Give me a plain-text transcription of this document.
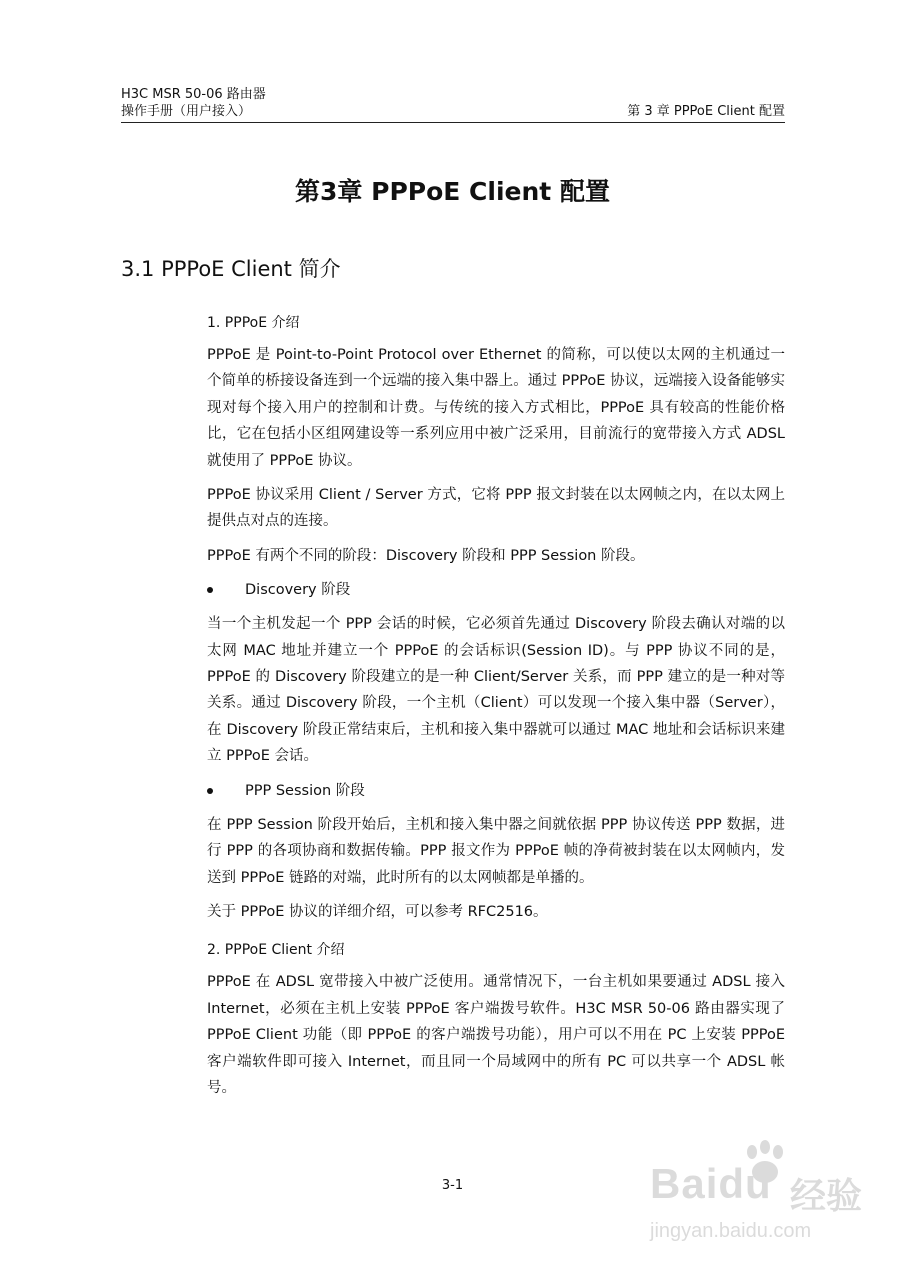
H3C MSR 50-06 路由器
操作手册（用户接入）	第 3 章 PPPoE Client 配置
第3章 PPPoE Client 配置
3.1 PPPoE Client 简介
1. PPPoE 介绍

PPPoE 是 Point-to-Point Protocol over Ethernet 的简称，可以使以太网的主机通过一个简单的桥接设备连到一个远端的接入集中器上。通过 PPPoE 协议，远端接入设备能够实现对每个接入用户的控制和计费。与传统的接入方式相比，PPPoE 具有较高的性能价格比，它在包括小区组网建设等一系列应用中被广泛采用，目前流行的宽带接入方式 ADSL 就使用了 PPPoE 协议。

PPPoE 协议采用 Client / Server 方式，它将 PPP 报文封装在以太网帧之内，在以太网上提供点对点的连接。

PPPoE 有两个不同的阶段：Discovery 阶段和 PPP Session 阶段。

Discovery 阶段

当一个主机发起一个 PPP 会话的时候，它必须首先通过 Discovery 阶段去确认对端的以太网 MAC 地址并建立一个 PPPoE 的会话标识(Session ID)。与 PPP 协议不同的是，PPPoE 的 Discovery 阶段建立的是一种 Client/Server 关系，而 PPP 建立的是一种对等关系。通过 Discovery 阶段，一个主机（Client）可以发现一个接入集中器（Server），在 Discovery 阶段正常结束后，主机和接入集中器就可以通过 MAC 地址和会话标识来建立 PPPoE 会话。

PPP Session 阶段

在 PPP Session 阶段开始后，主机和接入集中器之间就依据 PPP 协议传送 PPP 数据，进行 PPP 的各项协商和数据传输。PPP 报文作为 PPPoE 帧的净荷被封装在以太网帧内，发送到 PPPoE 链路的对端，此时所有的以太网帧都是单播的。

关于 PPPoE 协议的详细介绍，可以参考 RFC2516。

2. PPPoE Client 介绍

PPPoE 在 ADSL 宽带接入中被广泛使用。通常情况下，一台主机如果要通过 ADSL 接入 Internet，必须在主机上安装 PPPoE 客户端拨号软件。H3C MSR 50-06 路由器实现了 PPPoE Client 功能（即 PPPoE 的客户端拨号功能），用户可以不用在 PC 上安装 PPPoE 客户端软件即可接入 Internet，而且同一个局域网中的所有 PC 可以共享一个 ADSL 帐号。

3-1	Baidu 经验
jingyan.baidu.com
